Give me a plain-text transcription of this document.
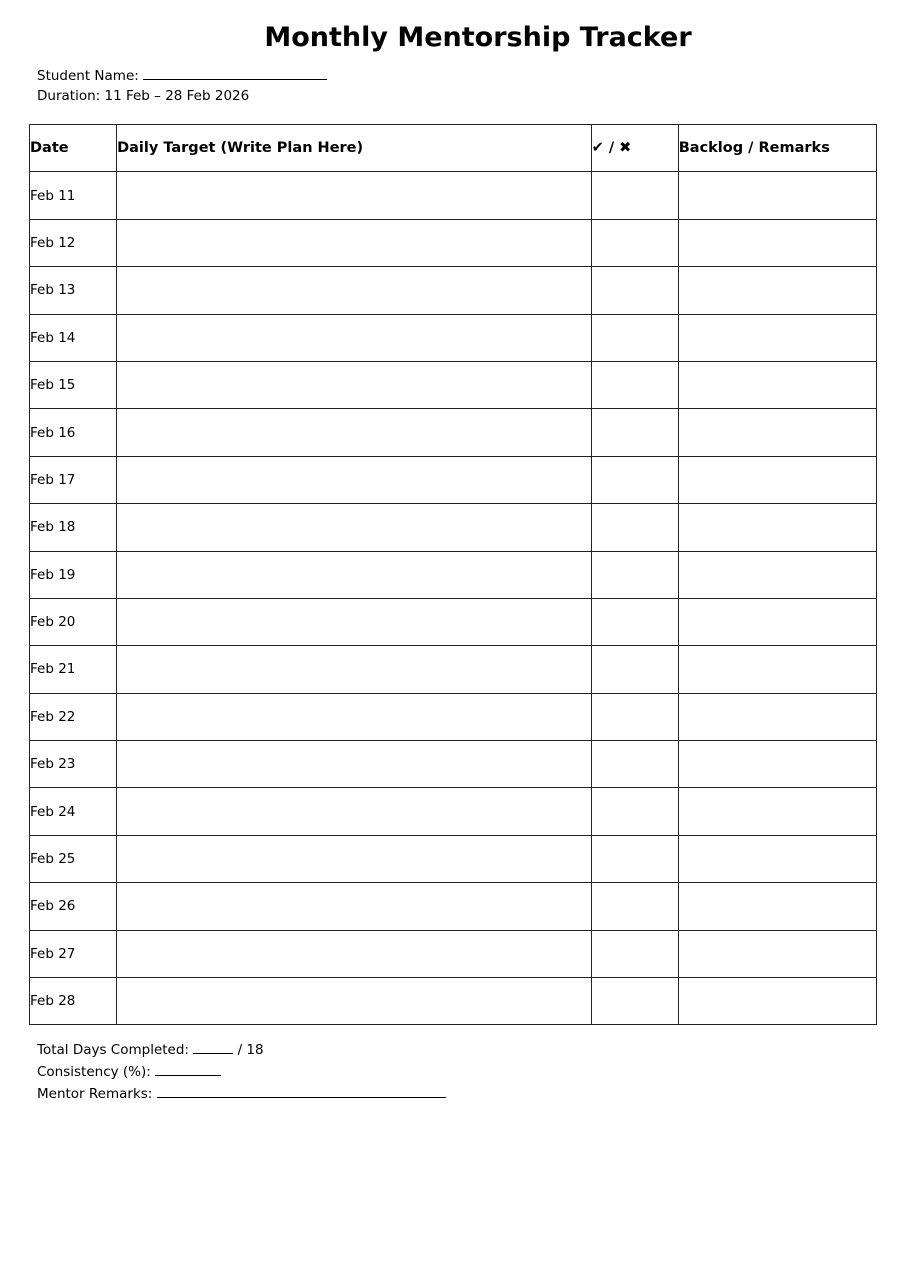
Monthly Mentorship Tracker
Student Name:
Duration: 11 Feb – 28 Feb 2026
Date	Daily Target (Write Plan Here)	✔ / ✖	Backlog / Remarks
Feb 11			
Feb 12			
Feb 13			
Feb 14			
Feb 15			
Feb 16			
Feb 17			
Feb 18			
Feb 19			
Feb 20			
Feb 21			
Feb 22			
Feb 23			
Feb 24			
Feb 25			
Feb 26			
Feb 27			
Feb 28			
Total Days Completed:	/ 18
Consistency (%):
Mentor Remarks:
